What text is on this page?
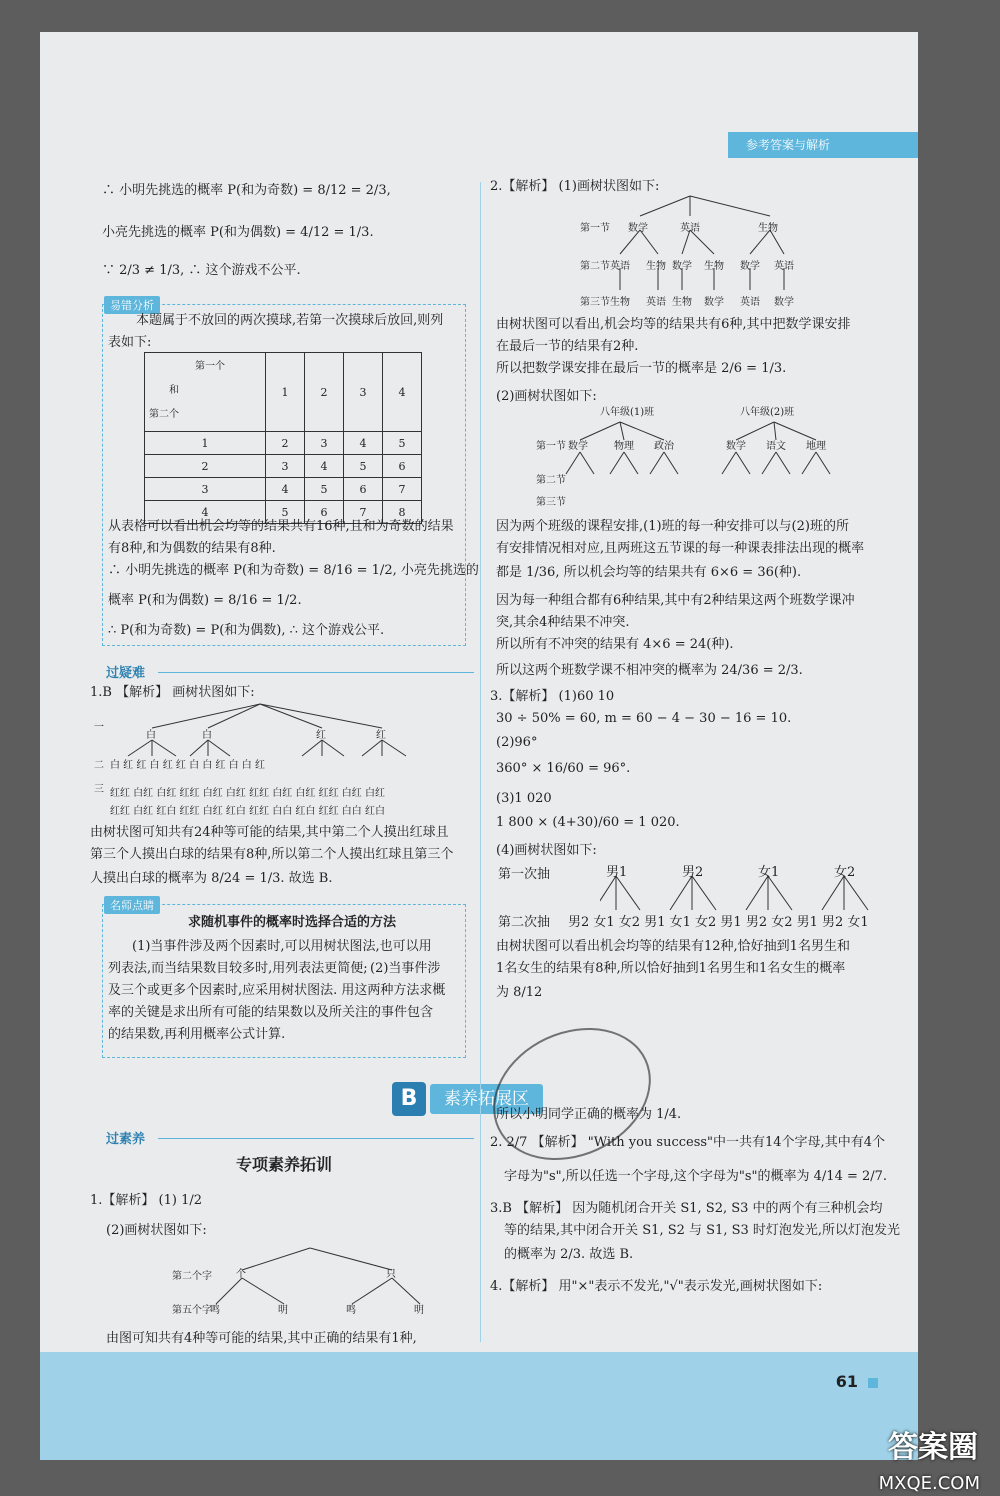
参考答案与解析
∴ 小明先挑选的概率 P(和为奇数) = 8/12 = 2/3,
小亮先挑选的概率 P(和为偶数) = 4/12 = 1/3.
∵ 2/3 ≠ 1/3, ∴ 这个游戏不公平.
易错分析
本题属于不放回的两次摸球,若第一次摸球后放回,则列
表如下:
第一个
和
第二个	1	2	3	4
1	2	3	4	5
2	3	4	5	6
3	4	5	6	7
4	5	6	7	8
从表格可以看出机会均等的结果共有16种,且和为奇数的结果
有8种,和为偶数的结果有8种.
∴ 小明先挑选的概率 P(和为奇数) = 8/16 = 1/2, 小亮先挑选的
概率 P(和为偶数) = 8/16 = 1/2.
∴ P(和为奇数) = P(和为偶数), ∴ 这个游戏公平.
过疑难
1.B 【解析】 画树状图如下:
白	白	红	红
一
二
三
白 红 红 白 红 红 白 白 红 白 白 红
红红 白红 白红 红红 白红 白红 红红 白红 白红 红红 白红 白红
红红 白红 红白 红红 白红 红白 红红 白白 红白 红红 白白 红白
由树状图可知共有24种等可能的结果,其中第二个人摸出红球且
第三个人摸出白球的结果有8种,所以第二个人摸出红球且第三个
人摸出白球的概率为 8/24 = 1/3. 故选 B.
名师点睛
求随机事件的概率时选择合适的方法
(1)当事件涉及两个因素时,可以用树状图法,也可以用
列表法,而当结果数目较多时,用列表法更简便; (2)当事件涉
及三个或更多个因素时,应采用树状图法. 用这两种方法求概
率的关键是求出所有可能的结果数以及所关注的事件包含
的结果数,再利用概率公式计算.
B	素养拓展区
过素养
专项素养拓训
1.【解析】 (1) 1/2
(2)画树状图如下:
第二个字
第五个字
个	只
鸣	明	鸣	明
由图可知共有4种等可能的结果,其中正确的结果有1种,
2.【解析】 (1)画树状图如下:
第一节
第二节
第三节
数学	英语	生物
英语 生物 数学 生物 数学 英语
生物 英语 生物 数学 英语 数学
由树状图可以看出,机会均等的结果共有6种,其中把数学课安排
在最后一节的结果有2种.
所以把数学课安排在最后一节的概率是 2/6 = 1/3.
(2)画树状图如下:
八年级(1)班	八年级(2)班
第一节
第二节
第三节
数学	物理 政治	数学 语文 地理
因为两个班级的课程安排,(1)班的每一种安排可以与(2)班的所
有安排情况相对应,且两班这五节课的每一种课表排法出现的概率
都是 1/36, 所以机会均等的结果共有 6×6 = 36(种).
因为每一种组合都有6种结果,其中有2种结果这两个班数学课冲
突,其余4种结果不冲突.
所以所有不冲突的结果有 4×6 = 24(种).
所以这两个班数学课不相冲突的概率为 24/36 = 2/3.
3.【解析】 (1)60 10
30 ÷ 50% = 60, m = 60 − 4 − 30 − 16 = 10.
(2)96°
360° × 16/60 = 96°.
(3)1 020
1 800 × (4+30)/60 = 1 020.
(4)画树状图如下:
第一次抽
第二次抽
男1	男2	女1	女2
男2 女1 女2 男1 女1 女2 男1 男2 女2 男1 男2 女1
由树状图可以看出机会均等的结果有12种,恰好抽到1名男生和
1名女生的结果有8种,所以恰好抽到1名男生和1名女生的概率
为 8/12
所以小明同学正确的概率为 1/4.
2. 2/7 【解析】 "With you success"中一共有14个字母,其中有4个
字母为"s",所以任选一个字母,这个字母为"s"的概率为 4/14 = 2/7.
3.B 【解析】 因为随机闭合开关 S1, S2, S3 中的两个有三种机会均
等的结果,其中闭合开关 S1, S2 与 S1, S3 时灯泡发光,所以灯泡发光
的概率为 2/3. 故选 B.
4.【解析】 用"×"表示不发光,"√"表示发光,画树状图如下:
61
答案圈
MXQE.COM
